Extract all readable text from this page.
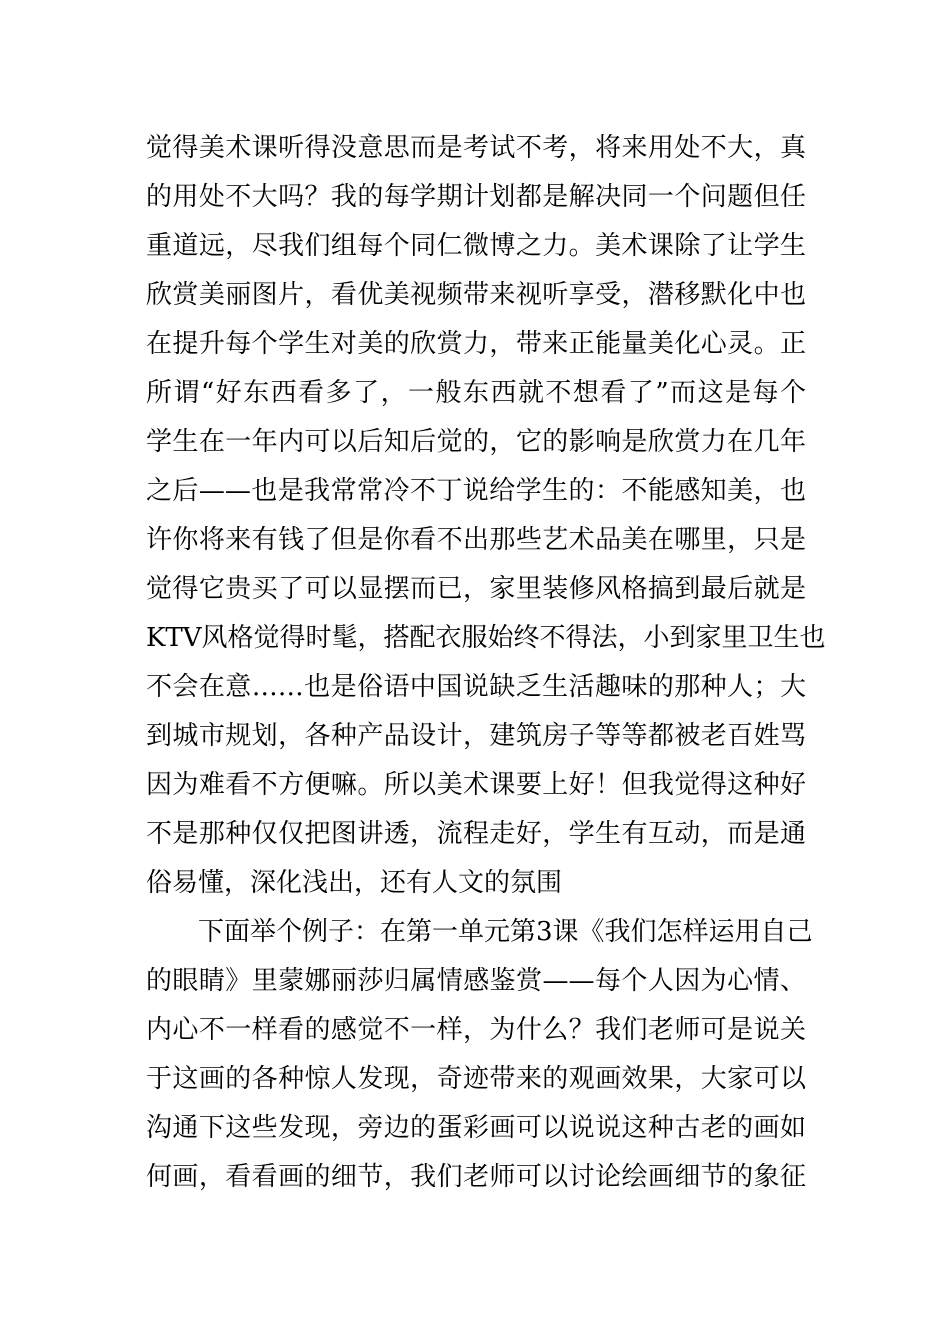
觉得美术课听得没意思而是考试不考，将来用处不大，真
的用处不大吗？我的每学期计划都是解决同一个问题但任
重道远，尽我们组每个同仁微博之力。美术课除了让学生
欣赏美丽图片，看优美视频带来视听享受，潜移默化中也
在提升每个学生对美的欣赏力，带来正能量美化心灵。正
所谓“好东西看多了，一般东西就不想看了”而这是每个
学生在一年内可以后知后觉的，它的影响是欣赏力在几年
之后——也是我常常冷不丁说给学生的：不能感知美，也
许你将来有钱了但是你看不出那些艺术品美在哪里，只是
觉得它贵买了可以显摆而已，家里装修风格搞到最后就是
KTV风格觉得时髦，搭配衣服始终不得法，小到家里卫生也
不会在意……也是俗语中国说缺乏生活趣味的那种人；大
到城市规划，各种产品设计，建筑房子等等都被老百姓骂
因为难看不方便嘛。所以美术课要上好！但我觉得这种好
不是那种仅仅把图讲透，流程走好，学生有互动，而是通
俗易懂，深化浅出，还有人文的氛围
下面举个例子：在第一单元第3课《我们怎样运用自己
的眼睛》里蒙娜丽莎归属情感鉴赏——每个人因为心情、
内心不一样看的感觉不一样，为什么？我们老师可是说关
于这画的各种惊人发现，奇迹带来的观画效果，大家可以
沟通下这些发现，旁边的蛋彩画可以说说这种古老的画如
何画，看看画的细节，我们老师可以讨论绘画细节的象征
